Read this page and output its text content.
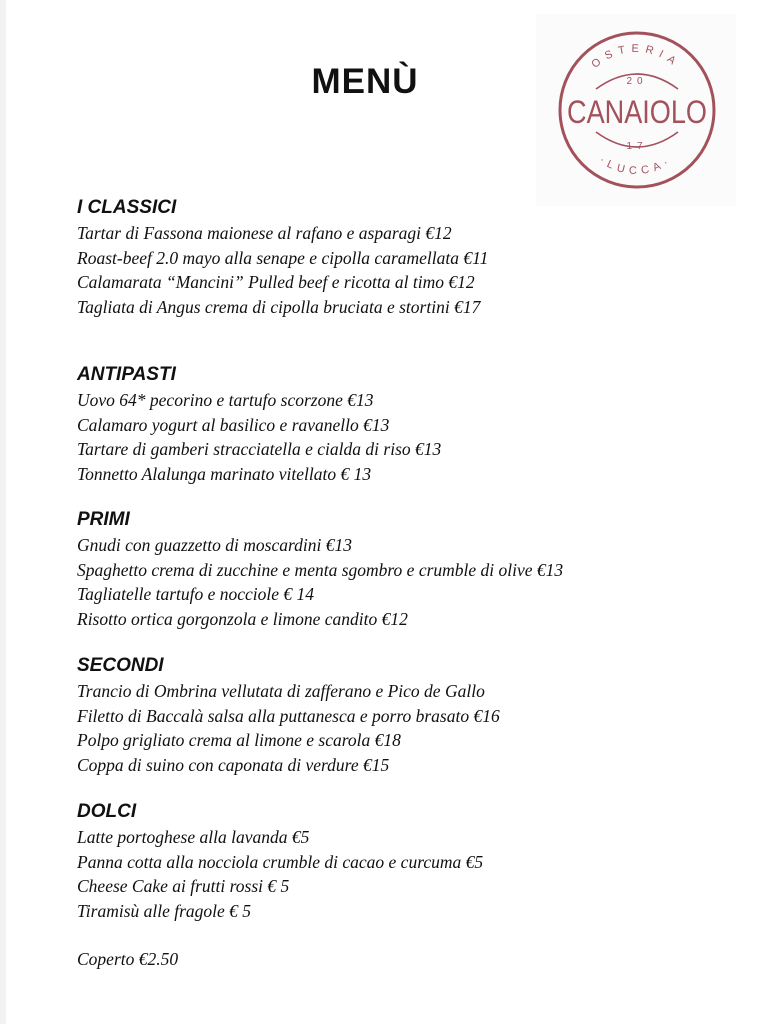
MENÙ
OSTERIA
·LUCCA·
20
CANAIOLO
17
I CLASSICI
Tartar di Fassona maionese al rafano e asparagi €12
Roast-beef 2.0 mayo alla senape e cipolla caramellata €11
Calamarata “Mancini” Pulled beef e ricotta al timo €12
Tagliata di Angus crema di cipolla bruciata e stortini €17
ANTIPASTI
Uovo 64* pecorino e tartufo scorzone €13
Calamaro yogurt al basilico e ravanello €13
Tartare di gamberi stracciatella e cialda di riso €13
Tonnetto Alalunga marinato vitellato € 13
PRIMI
Gnudi con guazzetto di moscardini €13
Spaghetto crema di zucchine e menta sgombro e crumble di olive €13
Tagliatelle tartufo e nocciole € 14
Risotto ortica gorgonzola e limone candito €12
SECONDI
Trancio di Ombrina vellutata di zafferano e Pico de Gallo
Filetto di Baccalà salsa alla puttanesca e porro brasato €16
Polpo grigliato crema al limone e scarola €18
Coppa di suino con caponata di verdure €15
DOLCI
Latte portoghese alla lavanda €5
Panna cotta alla nocciola crumble di cacao e curcuma €5
Cheese Cake ai frutti rossi € 5
Tiramisù alle fragole € 5
Coperto €2.50
